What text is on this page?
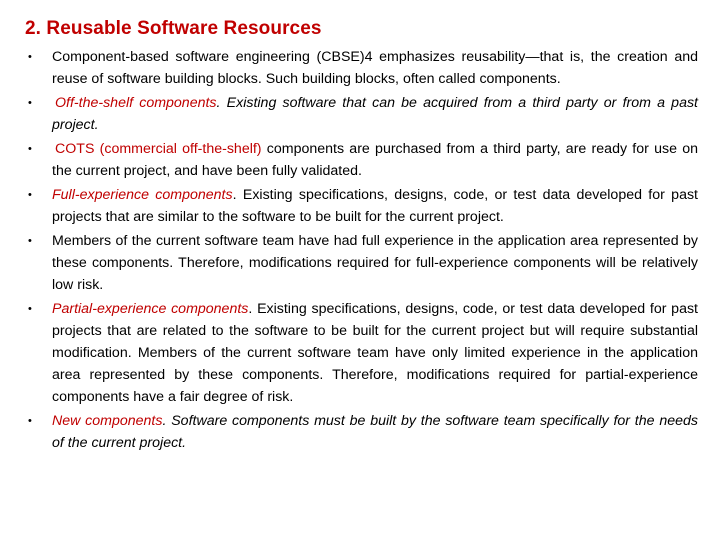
2. Reusable Software Resources
• Component-based software engineering (CBSE)4 emphasizes reusability—that is, the creation and reuse of software building blocks. Such building blocks, often called components.
• Off-the-shelf components. Existing software that can be acquired from a third party or from a past project.
• COTS (commercial off-the-shelf) components are purchased from a third party, are ready for use on the current project, and have been fully validated.
• Full-experience components. Existing specifications, designs, code, or test data developed for past projects that are similar to the software to be built for the current project.
• Members of the current software team have had full experience in the application area represented by these components. Therefore, modifications required for full-experience components will be relatively low risk.
• Partial-experience components. Existing specifications, designs, code, or test data developed for past projects that are related to the software to be built for the current project but will require substantial modification. Members of the current software team have only limited experience in the application area represented by these components. Therefore, modifications required for partial-experience components have a fair degree of risk.
• New components. Software components must be built by the software team specifically for the needs of the current project.
